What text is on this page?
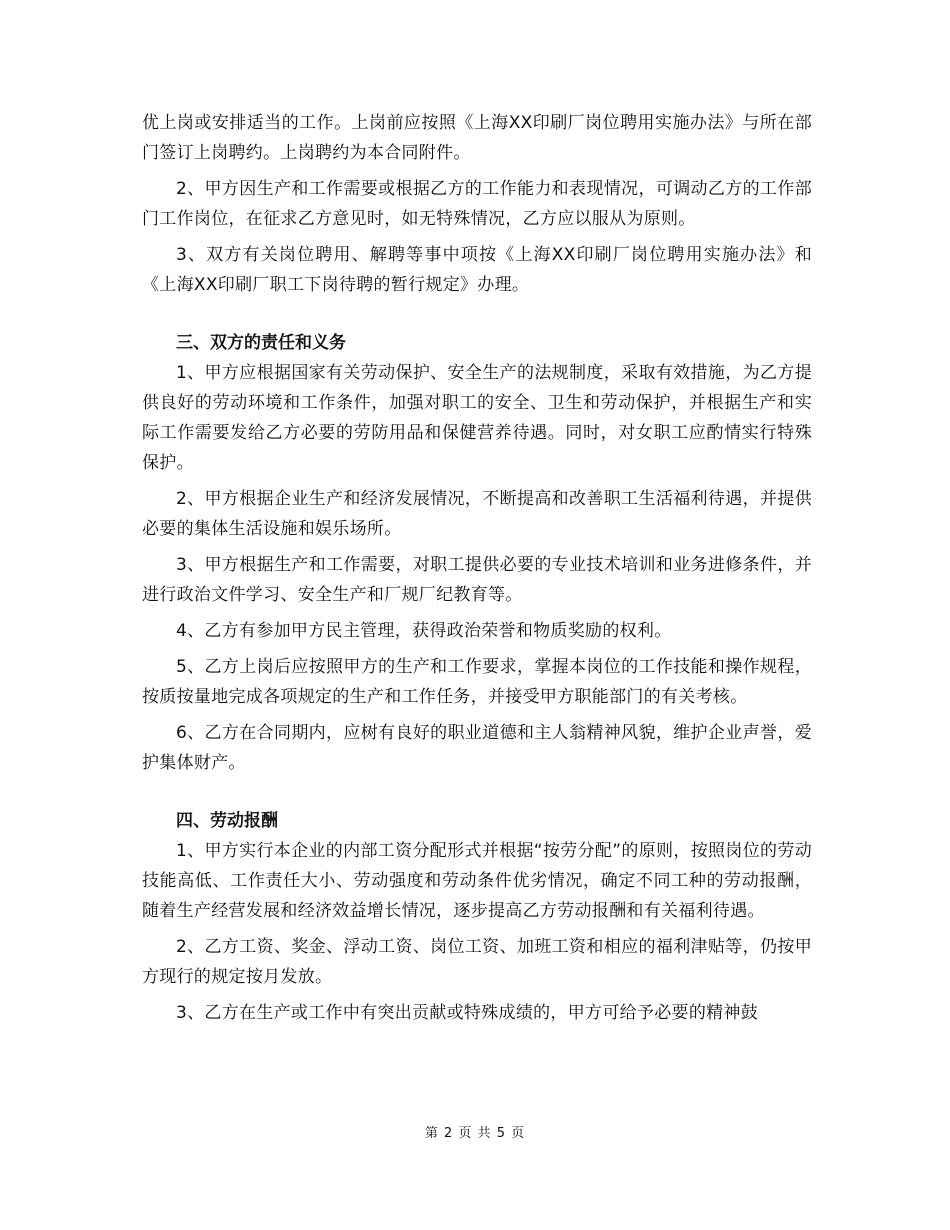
优上岗或安排适当的工作。上岗前应按照《上海XX印刷厂岗位聘用实施办法》与所在部门签订上岗聘约。上岗聘约为本合同附件。

2、甲方因生产和工作需要或根据乙方的工作能力和表现情况，可调动乙方的工作部门工作岗位，在征求乙方意见时，如无特殊情况，乙方应以服从为原则。

3、双方有关岗位聘用、解聘等事中项按《上海XX印刷厂岗位聘用实施办法》和《上海XX印刷厂职工下岗待聘的暂行规定》办理。

三、双方的责任和义务

1、甲方应根据国家有关劳动保护、安全生产的法规制度，采取有效措施，为乙方提供良好的劳动环境和工作条件，加强对职工的安全、卫生和劳动保护，并根据生产和实际工作需要发给乙方必要的劳防用品和保健营养待遇。同时，对女职工应酌情实行特殊保护。

2、甲方根据企业生产和经济发展情况，不断提高和改善职工生活福利待遇，并提供必要的集体生活设施和娱乐场所。

3、甲方根据生产和工作需要，对职工提供必要的专业技术培训和业务进修条件，并进行政治文件学习、安全生产和厂规厂纪教育等。

4、乙方有参加甲方民主管理，获得政治荣誉和物质奖励的权利。

5、乙方上岗后应按照甲方的生产和工作要求，掌握本岗位的工作技能和操作规程，按质按量地完成各项规定的生产和工作任务，并接受甲方职能部门的有关考核。

6、乙方在合同期内，应树有良好的职业道德和主人翁精神风貌，维护企业声誉，爱护集体财产。

四、劳动报酬

1、甲方实行本企业的内部工资分配形式并根据“按劳分配”的原则，按照岗位的劳动技能高低、工作责任大小、劳动强度和劳动条件优劣情况，确定不同工种的劳动报酬，随着生产经营发展和经济效益增长情况，逐步提高乙方劳动报酬和有关福利待遇。

2、乙方工资、奖金、浮动工资、岗位工资、加班工资和相应的福利津贴等，仍按甲方现行的规定按月发放。

3、乙方在生产或工作中有突出贡献或特殊成绩的，甲方可给予必要的精神鼓

第 2 页 共 5 页
